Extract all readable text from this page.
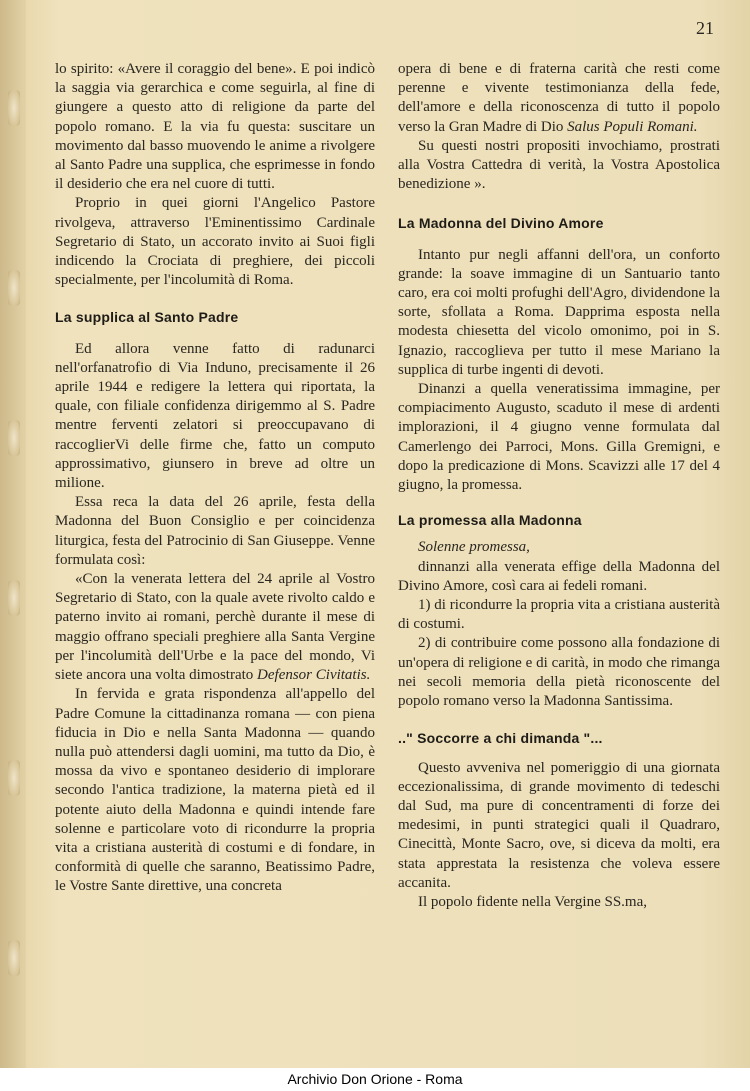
21

lo spirito: «Avere il coraggio del bene». E poi indicò la saggia via gerarchica e come seguirla, al fine di giungere a questo atto di religione da parte del popolo romano. E la via fu questa: suscitare un movimento dal basso muovendo le anime a rivolgere al Santo Padre una supplica, che esprimesse in fondo il desiderio che era nel cuore di tutti.

Proprio in quei giorni l'Angelico Pastore rivolgeva, attraverso l'Eminentissimo Cardinale Segretario di Stato, un accorato invito ai Suoi figli indicendo la Crociata di preghiere, dei piccoli specialmente, per l'incolumità di Roma.

La supplica al Santo Padre

Ed allora venne fatto di radunarci nell'orfanatrofio di Via Induno, precisamente il 26 aprile 1944 e redigere la lettera qui riportata, la quale, con filiale confidenza dirigemmo al S. Padre mentre ferventi zelatori si preoccupavano di raccoglierVi delle firme che, fatto un computo approssimativo, giunsero in breve ad oltre un milione.

Essa reca la data del 26 aprile, festa della Madonna del Buon Consiglio e per coincidenza liturgica, festa del Patrocinio di San Giuseppe. Venne formulata così:

«Con la venerata lettera del 24 aprile al Vostro Segretario di Stato, con la quale avete rivolto caldo e paterno invito ai romani, perchè durante il mese di maggio offrano speciali preghiere alla Santa Vergine per l'incolumità dell'Urbe e la pace del mondo, Vi siete ancora una volta dimostrato Defensor Civitatis.

In fervida e grata rispondenza all'appello del Padre Comune la cittadinanza romana — con piena fiducia in Dio e nella Santa Madonna — quando nulla può attendersi dagli uomini, ma tutto da Dio, è mossa da vivo e spontaneo desiderio di implorare secondo l'antica tradizione, la materna pietà ed il potente aiuto della Madonna e quindi intende fare solenne e particolare voto di ricondurre la propria vita a cristiana austerità di costumi e di fondare, in conformità di quelle che saranno, Beatissimo Padre, le Vostre Sante direttive, una concreta

opera di bene e di fraterna carità che resti come perenne e vivente testimonianza della fede, dell'amore e della riconoscenza di tutto il popolo verso la Gran Madre di Dio Salus Populi Romani.

Su questi nostri propositi invochiamo, prostrati alla Vostra Cattedra di verità, la Vostra Apostolica benedizione ».

La Madonna del Divino Amore

Intanto pur negli affanni dell'ora, un conforto grande: la soave immagine di un Santuario tanto caro, era coi molti profughi dell'Agro, dividendone la sorte, sfollata a Roma. Dapprima esposta nella modesta chiesetta del vicolo omonimo, poi in S. Ignazio, raccoglieva per tutto il mese Mariano la supplica di turbe ingenti di devoti.

Dinanzi a quella veneratissima immagine, per compiacimento Augusto, scaduto il mese di ardenti implorazioni, il 4 giugno venne formulata dal Camerlengo dei Parroci, Mons. Gilla Gremigni, e dopo la predicazione di Mons. Scavizzi alle 17 del 4 giugno, la promessa.

La promessa alla Madonna

Solenne promessa,

dinnanzi alla venerata effige della Madonna del Divino Amore, così cara ai fedeli romani.

1) di ricondurre la propria vita a cristiana austerità di costumi.

2) di contribuire come possono alla fondazione di un'opera di religione e di carità, in modo che rimanga nei secoli memoria della pietà riconoscente del popolo romano verso la Madonna Santissima.

.." Soccorre a chi dimanda "...

Questo avveniva nel pomeriggio di una giornata eccezionalissima, di grande movimento di tedeschi dal Sud, ma pure di concentramenti di forze dei medesimi, in punti strategici quali il Quadraro, Cinecittà, Monte Sacro, ove, si diceva da molti, era stata apprestata la resistenza che voleva essere accanita.

Il popolo fidente nella Vergine SS.ma,

Archivio Don Orione - Roma
